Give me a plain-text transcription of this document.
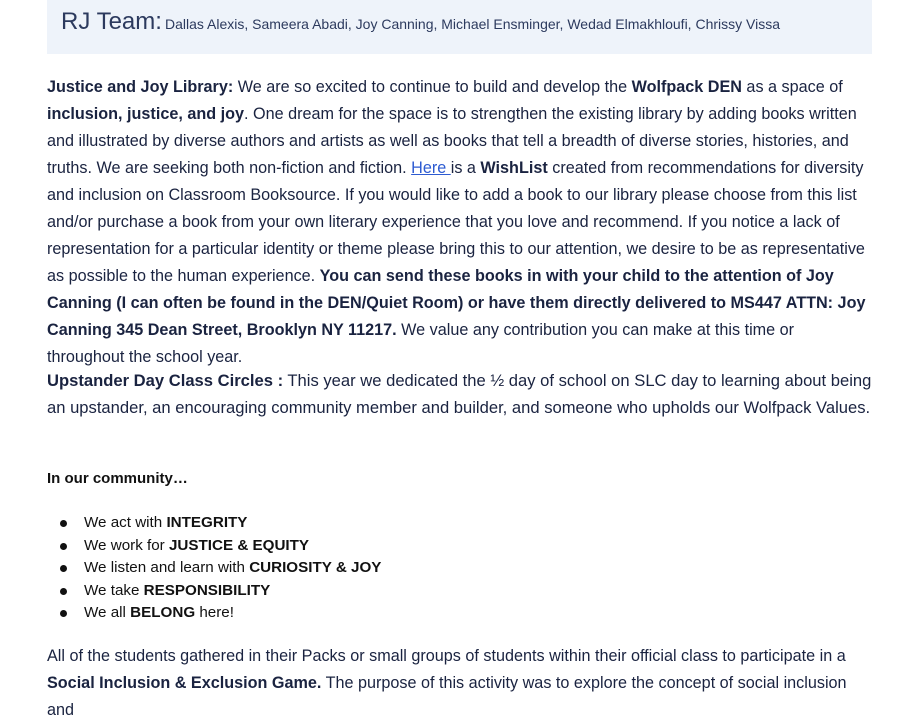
RJ Team: Dallas Alexis, Sameera Abadi, Joy Canning, Michael Ensminger, Wedad Elmakhloufi, Chrissy Vissa
Justice and Joy Library: We are so excited to continue to build and develop the Wolfpack DEN as a space of inclusion, justice, and joy. One dream for the space is to strengthen the existing library by adding books written and illustrated by diverse authors and artists as well as books that tell a breadth of diverse stories, histories, and truths. We are seeking both non-fiction and fiction. Here is a WishList created from recommendations for diversity and inclusion on Classroom Booksource. If you would like to add a book to our library please choose from this list and/or purchase a book from your own literary experience that you love and recommend. If you notice a lack of representation for a particular identity or theme please bring this to our attention, we desire to be as representative as possible to the human experience. You can send these books in with your child to the attention of Joy Canning (I can often be found in the DEN/Quiet Room) or have them directly delivered to MS447 ATTN: Joy Canning 345 Dean Street, Brooklyn NY 11217. We value any contribution you can make at this time or throughout the school year.
Upstander Day Class Circles : This year we dedicated the ½ day of school on SLC day to learning about being an upstander, an encouraging community member and builder, and someone who upholds our Wolfpack Values.
In our community…
We act with INTEGRITY
We work for JUSTICE & EQUITY
We listen and learn with CURIOSITY & JOY
We take RESPONSIBILITY
We all BELONG here!
All of the students gathered in their Packs or small groups of students within their official class to participate in a Social Inclusion & Exclusion Game. The purpose of this activity was to explore the concept of social inclusion and
